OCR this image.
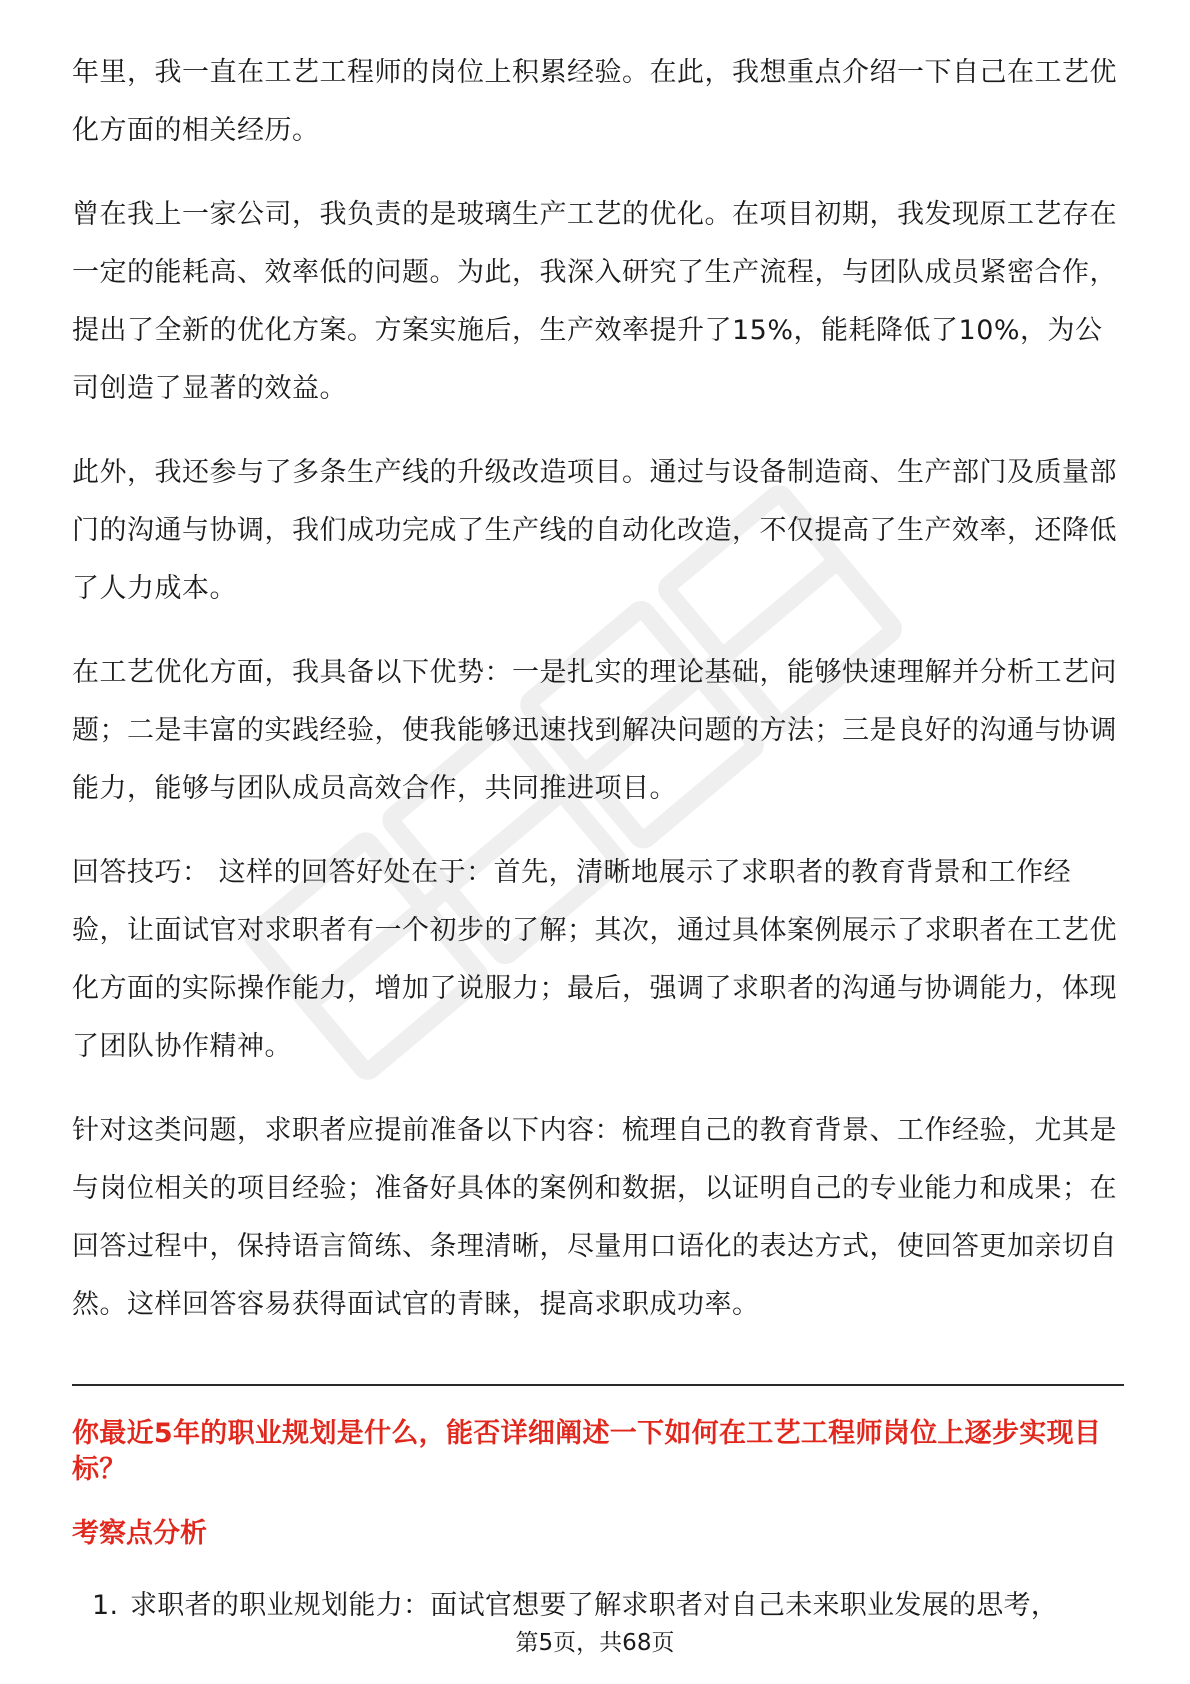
年里，我一直在工艺工程师的岗位上积累经验。在此，我想重点介绍一下自己在工艺优化方面的相关经历。

曾在我上一家公司，我负责的是玻璃生产工艺的优化。在项目初期，我发现原工艺存在一定的能耗高、效率低的问题。为此，我深入研究了生产流程，与团队成员紧密合作，提出了全新的优化方案。方案实施后，生产效率提升了15%，能耗降低了10%，为公司创造了显著的效益。

此外，我还参与了多条生产线的升级改造项目。通过与设备制造商、生产部门及质量部门的沟通与协调，我们成功完成了生产线的自动化改造，不仅提高了生产效率，还降低了人力成本。

在工艺优化方面，我具备以下优势：一是扎实的理论基础，能够快速理解并分析工艺问题；二是丰富的实践经验，使我能够迅速找到解决问题的方法；三是良好的沟通与协调能力，能够与团队成员高效合作，共同推进项目。

回答技巧： 这样的回答好处在于：首先，清晰地展示了求职者的教育背景和工作经验，让面试官对求职者有一个初步的了解；其次，通过具体案例展示了求职者在工艺优化方面的实际操作能力，增加了说服力；最后，强调了求职者的沟通与协调能力，体现了团队协作精神。

针对这类问题，求职者应提前准备以下内容：梳理自己的教育背景、工作经验，尤其是与岗位相关的项目经验；准备好具体的案例和数据，以证明自己的专业能力和成果；在回答过程中，保持语言简练、条理清晰，尽量用口语化的表达方式，使回答更加亲切自然。这样回答容易获得面试官的青睐，提高求职成功率。

你最近5年的职业规划是什么，能否详细阐述一下如何在工艺工程师岗位上逐步实现目标？
考察点分析
1. 求职者的职业规划能力：面试官想要了解求职者对自己未来职业发展的思考，
第5页，共68页
